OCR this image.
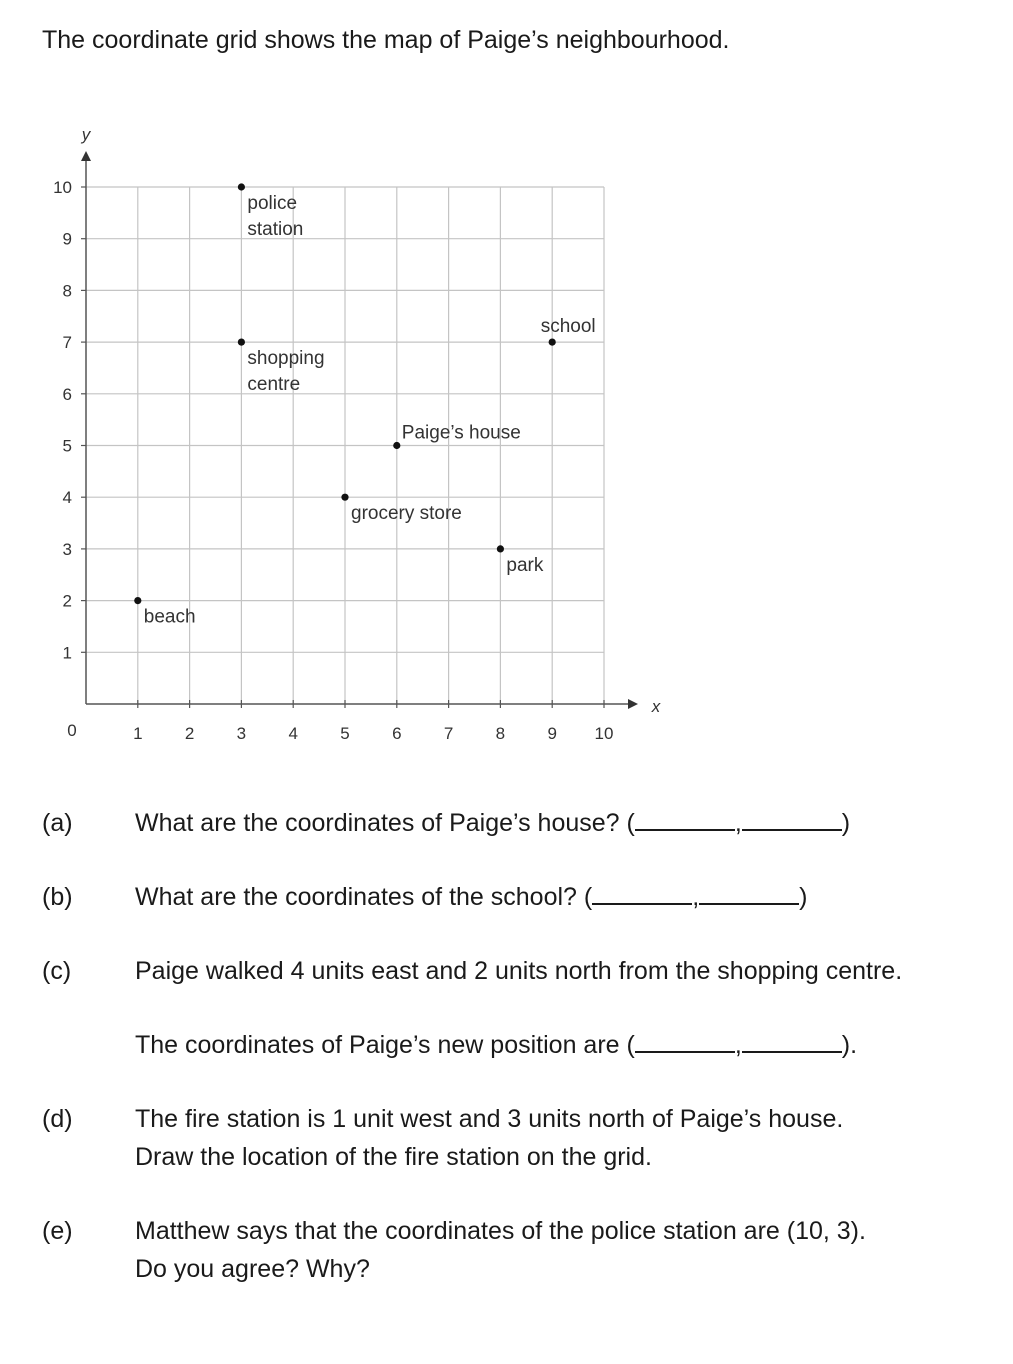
The coordinate grid shows the map of Paige’s neighbourhood.
x
y
1 2 3 4 5 6 7 8 9 10
1
2
3
4
5
6
7
8
9
10
0
police
station
shopping
centre
school
Paige’s house
grocery store
park
beach
(a) What are the coordinates of Paige’s house? (	,	)
(b) What are the coordinates of the school? (	,	)
(c)	Paige walked 4 units east and 2 units north from the shopping centre.
The coordinates of Paige’s new position are (	,	).
(d) The fire station is 1 unit west and 3 units north of Paige’s house.
Draw the location of the fire station on the grid.
(e) Matthew says that the coordinates of the police station are (10, 3).
Do you agree? Why?
